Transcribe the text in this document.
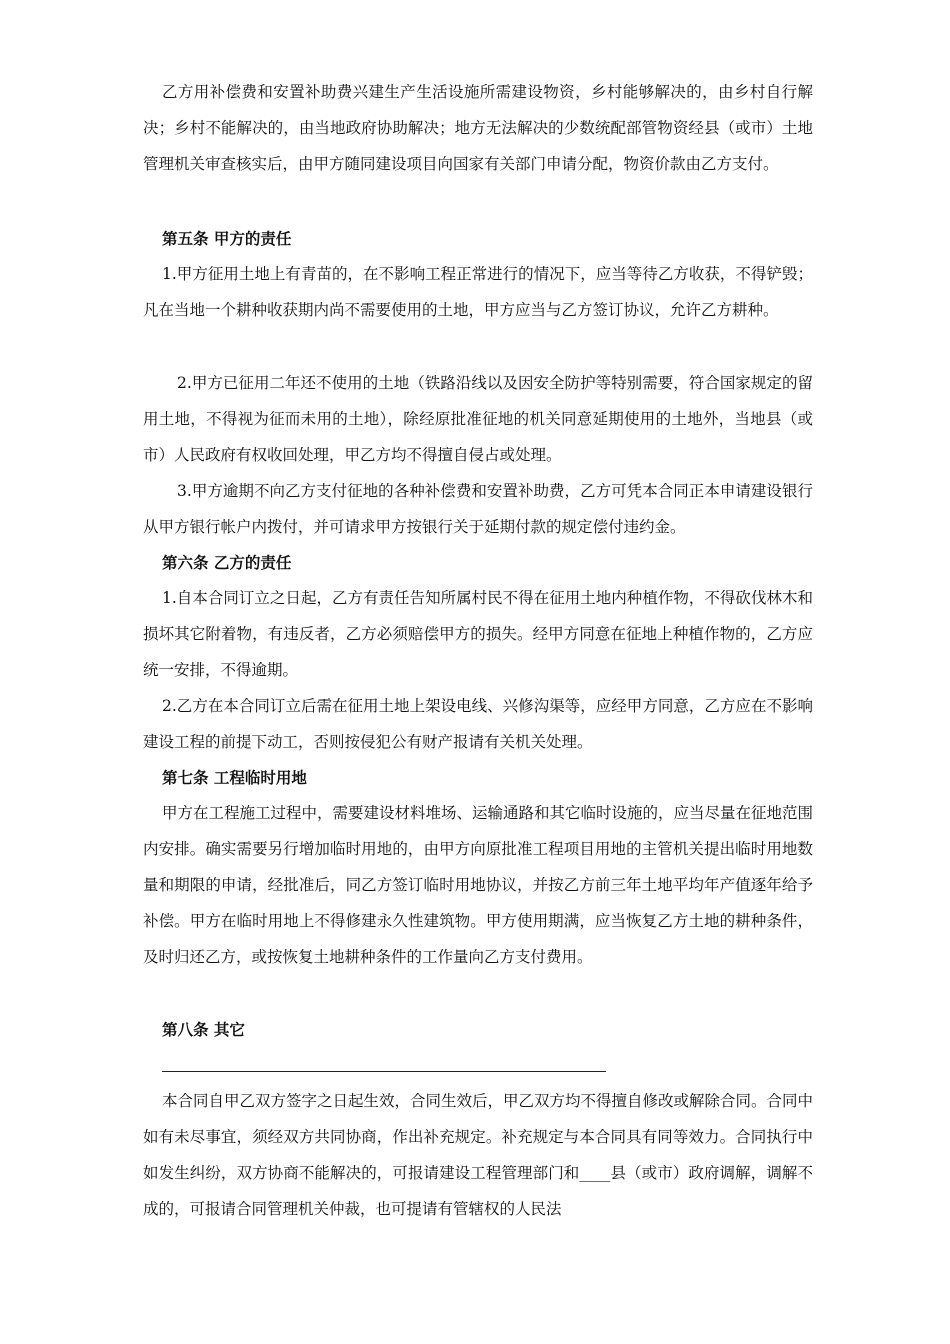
乙方用补偿费和安置补助费兴建生产生活设施所需建设物资，乡村能够解决的，由乡村自行解决；乡村不能解决的，由当地政府协助解决；地方无法解决的少数统配部管物资经县（或市）土地管理机关审查核实后，由甲方随同建设项目向国家有关部门申请分配，物资价款由乙方支付。

第五条 甲方的责任

1.甲方征用土地上有青苗的，在不影响工程正常进行的情况下，应当等待乙方收获，不得铲毁；凡在当地一个耕种收获期内尚不需要使用的土地，甲方应当与乙方签订协议，允许乙方耕种。

2.甲方已征用二年还不使用的土地（铁路沿线以及因安全防护等特别需要，符合国家规定的留用土地，不得视为征而未用的土地），除经原批准征地的机关同意延期使用的土地外，当地县（或市）人民政府有权收回处理，甲乙方均不得擅自侵占或处理。

3.甲方逾期不向乙方支付征地的各种补偿费和安置补助费，乙方可凭本合同正本申请建设银行从甲方银行帐户内拨付，并可请求甲方按银行关于延期付款的规定偿付违约金。

第六条 乙方的责任

1.自本合同订立之日起，乙方有责任告知所属村民不得在征用土地内种植作物，不得砍伐林木和损坏其它附着物，有违反者，乙方必须赔偿甲方的损失。经甲方同意在征地上种植作物的，乙方应统一安排，不得逾期。

2.乙方在本合同订立后需在征用土地上架设电线、兴修沟渠等，应经甲方同意，乙方应在不影响建设工程的前提下动工，否则按侵犯公有财产报请有关机关处理。

第七条 工程临时用地

甲方在工程施工过程中，需要建设材料堆场、运输通路和其它临时设施的，应当尽量在征地范围内安排。确实需要另行增加临时用地的，由甲方向原批准工程项目用地的主管机关提出临时用地数量和期限的申请，经批准后，同乙方签订临时用地协议，并按乙方前三年土地平均年产值逐年给予补偿。甲方在临时用地上不得修建永久性建筑物。甲方使用期满，应当恢复乙方土地的耕种条件，及时归还乙方，或按恢复土地耕种条件的工作量向乙方支付费用。

第八条 其它

本合同自甲乙双方签字之日起生效，合同生效后，甲乙双方均不得擅自修改或解除合同。合同中如有未尽事宜，须经双方共同协商，作出补充规定。补充规定与本合同具有同等效力。合同执行中如发生纠纷，双方协商不能解决的，可报请建设工程管理部门和____县（或市）政府调解，调解不成的，可报请合同管理机关仲裁，也可提请有管辖权的人民法
